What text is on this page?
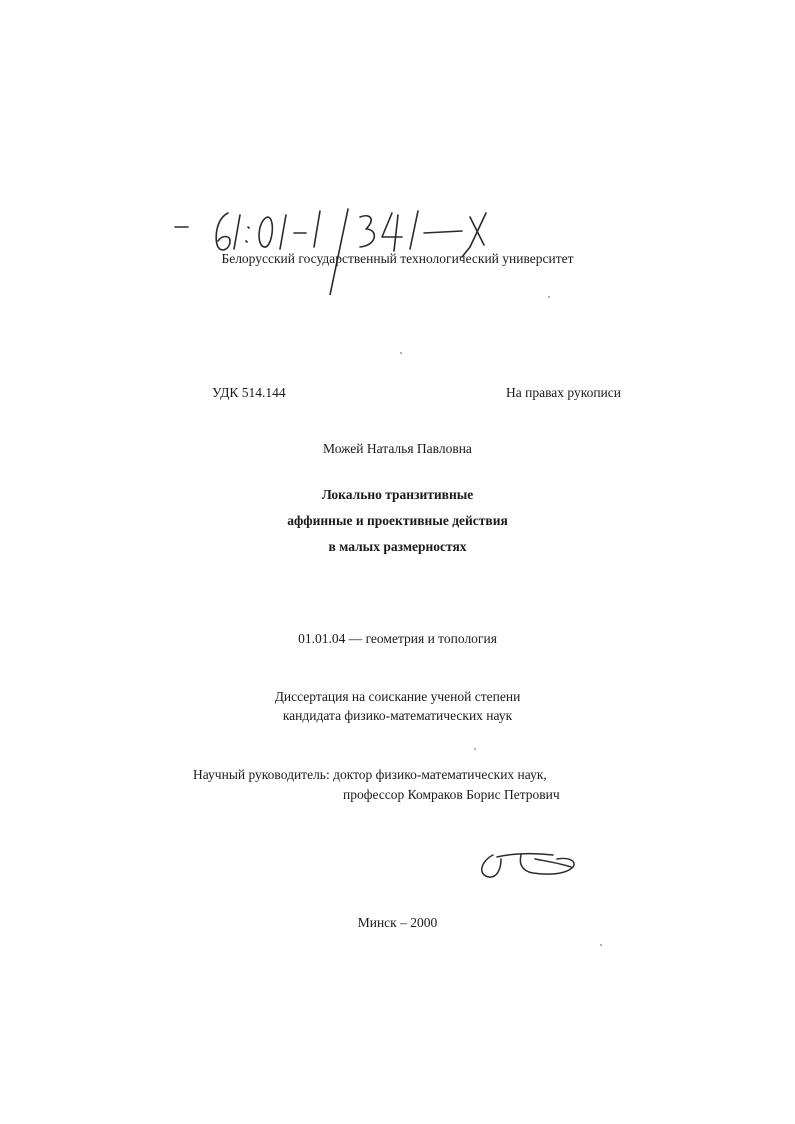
Белорусский государственный технологический университет
УДК 514.144	На правах рукописи
Можей Наталья Павловна
Локально транзитивные
аффинные и проективные действия
в малых размерностях
01.01.04 — геометрия и топология
Диссертация на соискание ученой степени
кандидата физико-математических наук
Научный руководитель: доктор физико-математических наук,
профессор Комраков Борис Петрович
Минск – 2000
